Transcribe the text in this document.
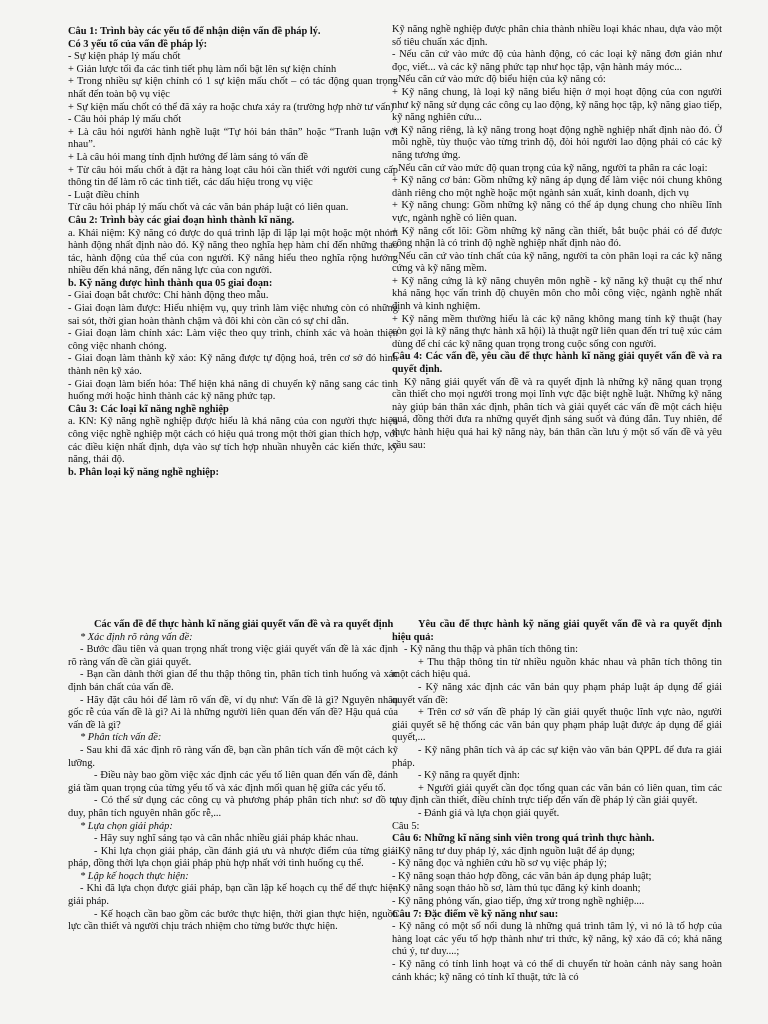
Câu 1: Trình bày các yếu tố để nhận diện vấn đề pháp lý.

Có 3 yếu tố của vấn đề pháp lý:

- Sự kiện pháp lý mấu chốt

+ Giản lược tối đa các tình tiết phụ làm nổi bật lên sự kiện chính

+ Trong nhiều sự kiện chính có 1 sự kiện mấu chốt – có tác động quan trọng nhất đến toàn bộ vụ việc

+ Sự kiện mấu chốt có thể đã xảy ra hoặc chưa xảy ra (trường hợp nhờ tư vấn)

- Câu hỏi pháp lý mấu chốt

+ Là câu hỏi người hành nghề luật “Tự hỏi bản thân” hoặc “Tranh luận với nhau”.

+ Là câu hỏi mang tính định hướng để làm sáng tỏ vấn đề

+ Từ câu hỏi mấu chốt à đặt ra hàng loạt câu hỏi cần thiết với người cung cấp thông tin để làm rõ các tình tiết, các dấu hiệu trong vụ việc

- Luật điều chỉnh

Từ câu hỏi pháp lý mấu chốt và các văn bản pháp luật có liên quan.

Câu 2: Trình bày các giai đoạn hình thành kĩ năng.

a. Khái niệm: Kỹ năng có được do quá trình lặp đi lặp lại một hoặc một nhóm hành động nhất định nào đó. Kỹ năng theo nghĩa hẹp hàm chỉ đến những thao tác, hành động của thể của con người. Kỹ năng hiểu theo nghĩa rộng hướng nhiều đến khả năng, đến năng lực của con người.

b. Kỹ năng được hình thành qua 05 giai đoạn:

- Giai đoạn bắt chước: Chỉ hành động theo mẫu.

- Giai đoạn làm được: Hiểu nhiệm vụ, quy trình làm việc nhưng còn có những sai sót, thời gian hoàn thành chậm và đôi khi còn cần có sự chỉ dẫn.

- Giai đoạn làm chính xác: Làm việc theo quy trình, chính xác và hoàn thiện công việc nhanh chóng.

- Giai đoạn làm thành kỹ xảo: Kỹ năng được tự động hoá, trên cơ sở đó hình thành nên kỹ xảo.

- Giai đoạn làm biến hóa: Thể hiện khả năng di chuyển kỹ năng sang các tình huống mới hoặc hình thành các kỹ năng phức tạp.

Câu 3: Các loại kĩ năng nghề nghiệp

a. KN: Kỹ năng nghề nghiệp được hiểu là khả năng của con người thực hiện công việc nghề nghiệp một cách có hiệu quả trong một thời gian thích hợp, với các điều kiện nhất định, dựa vào sự tích hợp nhuần nhuyễn các kiến thức, kỹ năng, thái độ.

b. Phân loại kỹ năng nghề nghiệp:

Kỹ năng nghề nghiệp được phân chia thành nhiều loại khác nhau, dựa vào một số tiêu chuẩn xác định.

- Nếu căn cứ vào mức độ của hành động, có các loại kỹ năng đơn giản như đọc, viết... và các kỹ năng phức tạp như học tập, vận hành máy móc...

- Nếu căn cứ vào mức độ biểu hiện của kỹ năng có:

+ Kỹ năng chung, là loại kỹ năng biểu hiện ở mọi hoạt động của con người như kỹ năng sử dụng các công cụ lao động, kỹ năng học tập, kỹ năng giao tiếp, kỹ năng nghiên cứu...

+ Kỹ năng riêng, là kỹ năng trong hoạt động nghề nghiệp nhất định nào đó. Ở mỗi nghề, tùy thuộc vào từng trình độ, đòi hỏi người lao động phải có các kỹ năng tương ứng.

- Nếu căn cứ vào mức độ quan trọng của kỹ năng, người ta phân ra các loại:

+ Kỹ năng cơ bản: Gồm những kỹ năng áp dụng để làm việc nói chung không dành riêng cho một nghề hoặc một ngành sản xuất, kinh doanh, dịch vụ

+ Kỹ năng chung: Gồm những kỹ năng có thể áp dụng chung cho nhiều lĩnh vực, ngành nghề có liên quan.

+ Kỹ năng cốt lõi: Gồm những kỹ năng cần thiết, bắt buộc phải có để được công nhận là có trình độ nghề nghiệp nhất định nào đó.

- Nếu căn cứ vào tính chất của kỹ năng, người ta còn phân loại ra các kỹ năng cứng và kỹ năng mềm.

+ Kỹ năng cứng là kỹ năng chuyên môn nghề - kỹ năng kỹ thuật cụ thể như khả năng học vấn trình độ chuyên môn cho mỗi công việc, ngành nghề nhất định và kinh nghiệm.

+ Kỹ năng mềm thường hiểu là các kỹ năng không mang tính kỹ thuật (hay còn gọi là kỹ năng thực hành xã hội) là thuật ngữ liên quan đến trí tuệ xúc cảm dùng để chỉ các kỹ năng quan trọng trong cuộc sống con người.

Câu 4: Các vấn đề, yêu cầu để thực hành kĩ năng giải quyết vấn đề và ra quyết định.

Kỹ năng giải quyết vấn đề và ra quyết định là những kỹ năng quan trọng cần thiết cho mọi người trong mọi lĩnh vực đặc biệt nghề luật. Những kỹ năng này giúp bản thân xác định, phân tích và giải quyết các vấn đề một cách hiệu quả, đồng thời đưa ra những quyết định sáng suốt và đúng đắn. Tuy nhiên, để thực hành hiệu quả hai kỹ năng này, bản thân cần lưu ý một số vấn đề và yêu cầu sau:

Các vấn đề để thực hành kĩ năng giải quyết vấn đề và ra quyết định

* Xác định rõ ràng vấn đề:

- Bước đầu tiên và quan trọng nhất trong việc giải quyết vấn đề là xác định rõ ràng vấn đề cần giải quyết.

- Bạn cần dành thời gian để thu thập thông tin, phân tích tình huống và xác định bản chất của vấn đề.

- Hãy đặt câu hỏi để làm rõ vấn đề, ví dụ như: Vấn đề là gì? Nguyên nhân gốc rễ của vấn đề là gì? Ai là những người liên quan đến vấn đề? Hậu quả của vấn đề là gì?

* Phân tích vấn đề:

- Sau khi đã xác định rõ ràng vấn đề, bạn cần phân tích vấn đề một cách kỹ lưỡng.

- Điều này bao gồm việc xác định các yếu tố liên quan đến vấn đề, đánh giá tầm quan trọng của từng yếu tố và xác định mối quan hệ giữa các yếu tố.

- Có thể sử dụng các công cụ và phương pháp phân tích như: sơ đồ tư duy, phân tích nguyên nhân gốc rễ,...

* Lựa chọn giải pháp:

- Hãy suy nghĩ sáng tạo và cân nhắc nhiều giải pháp khác nhau.

- Khi lựa chọn giải pháp, cần đánh giá ưu và nhược điểm của từng giải pháp, đồng thời lựa chọn giải pháp phù hợp nhất với tình huống cụ thể.

* Lập kế hoạch thực hiện:

- Khi đã lựa chọn được giải pháp, bạn cần lập kế hoạch cụ thể để thực hiện giải pháp.

- Kế hoạch cần bao gồm các bước thực hiện, thời gian thực hiện, nguồn lực cần thiết và người chịu trách nhiệm cho từng bước thực hiện.

Yêu cầu để thực hành kỹ năng giải quyết vấn đề và ra quyết định hiệu quả:

- Kỹ năng thu thập và phân tích thông tin:

+ Thu thập thông tin từ nhiều nguồn khác nhau và phân tích thông tin một cách hiệu quả.

- Kỹ năng xác định các văn bản quy phạm pháp luật áp dụng để giải quyết vấn đề:

+ Trên cơ sở vấn đề pháp lý cần giải quyết thuộc lĩnh vực nào, người giải quyết sẽ hệ thống các văn bản quy phạm pháp luật được áp dụng để giải quyết,...

- Kỹ năng phân tích và áp các sự kiện vào văn bản QPPL để đưa ra giải pháp.

- Kỹ năng ra quyết định:

+ Người giải quyết cần đọc tổng quan các văn bản có liên quan, tìm các quy định cần thiết, điều chỉnh trực tiếp đến vấn đề pháp lý cần giải quyết.

- Đánh giá và lựa chọn giải quyết.

Câu 5:

Câu 6: Những kĩ năng sinh viên trong quá trình thực hành.

- Kỹ năng tư duy pháp lý, xác định nguồn luật để áp dụng;

- Kỹ năng đọc và nghiên cứu hồ sơ vụ việc pháp lý;

- Kỹ năng soạn thảo hợp đồng, các văn bản áp dụng pháp luật;

- Kỹ năng soạn thảo hồ sơ, làm thủ tục đăng ký kinh doanh;

- Kỹ năng phỏng vấn, giao tiếp, ứng xử trong nghề nghiệp....

Câu 7: Đặc điểm về kỹ năng như sau:

- Kỹ năng có một số nổi dung là những quá trình tâm lý, vì nó là tổ hợp của hàng loạt các yếu tố hợp thành như tri thức, kỹ năng, kỹ xảo đã có; khả năng chú ý, tư duy....;

- Kỹ năng có tính linh hoạt và có thể di chuyển từ hoàn cảnh này sang hoàn cảnh khác; kỹ năng có tính kĩ thuật, tức là có
